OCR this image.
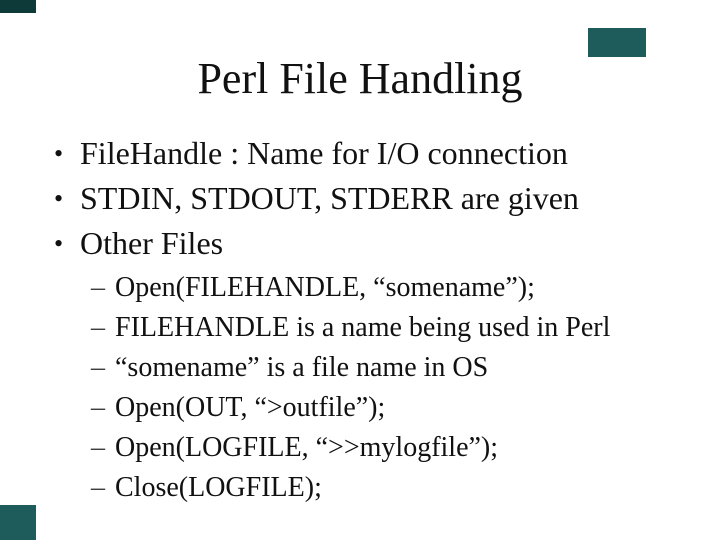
Perl File Handling
• FileHandle : Name for I/O connection
• STDIN, STDOUT, STDERR are given
• Other Files
– Open(FILEHANDLE, “somename”);
– FILEHANDLE is a name being used in Perl
– “somename” is a file name in OS
– Open(OUT, “>outfile”);
– Open(LOGFILE, “>>mylogfile”);
– Close(LOGFILE);
